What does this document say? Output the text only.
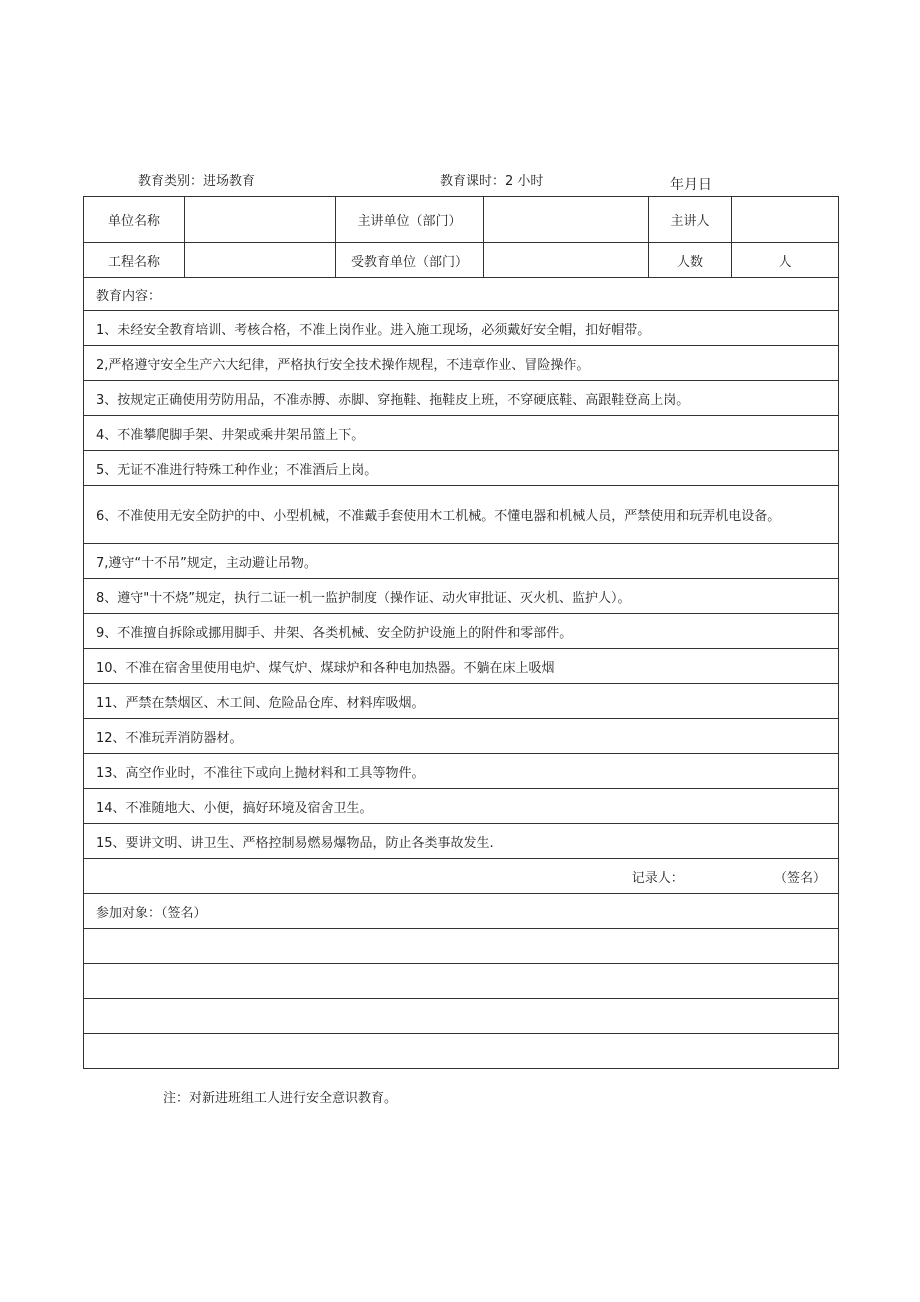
教育类别：进场教育	教育课时：2 小时	年月日
单位名称		主讲单位（部门）		主讲人	
工程名称		受教育单位（部门）		人数	人
教育内容：					
1、未经安全教育培训、考核合格，不准上岗作业。进入施工现场，必须戴好安全帽，扣好帽带。					
2,严格遵守安全生产六大纪律，严格执行安全技术操作规程，不违章作业、冒险操作。					
3、按规定正确使用劳防用品，不准赤膊、赤脚、穿拖鞋、拖鞋皮上班，不穿硬底鞋、高跟鞋登高上岗。					
4、不准攀爬脚手架、井架或乘井架吊篮上下。					
5、无证不准进行特殊工种作业；不准酒后上岗。					
6、不准使用无安全防护的中、小型机械，不准戴手套使用木工机械。不懂电器和机械人员，严禁使用和玩弄机电设备。					
7,遵守“十不吊”规定，主动避让吊物。					
8、遵守"十不烧”规定，执行二证一机一监护制度（操作证、动火审批证、灭火机、监护人）。					
9、不准擅自拆除或挪用脚手、井架、各类机械、安全防护设施上的附件和零部件。					
10、不准在宿舍里使用电炉、煤气炉、煤球炉和各种电加热器。不躺在床上吸烟					
11、严禁在禁烟区、木工间、危险品仓库、材料库吸烟。					
12、不准玩弄消防器材。					
13、高空作业时，不准往下或向上抛材料和工具等物件。					
14、不准随地大、小便，搞好环境及宿舍卫生。					
15、要讲文明、讲卫生、严格控制易燃易爆物品，防止各类事故发生.					
记录人： （签名）					
参加对象：（签名）					

注：对新进班组工人进行安全意识教育。
